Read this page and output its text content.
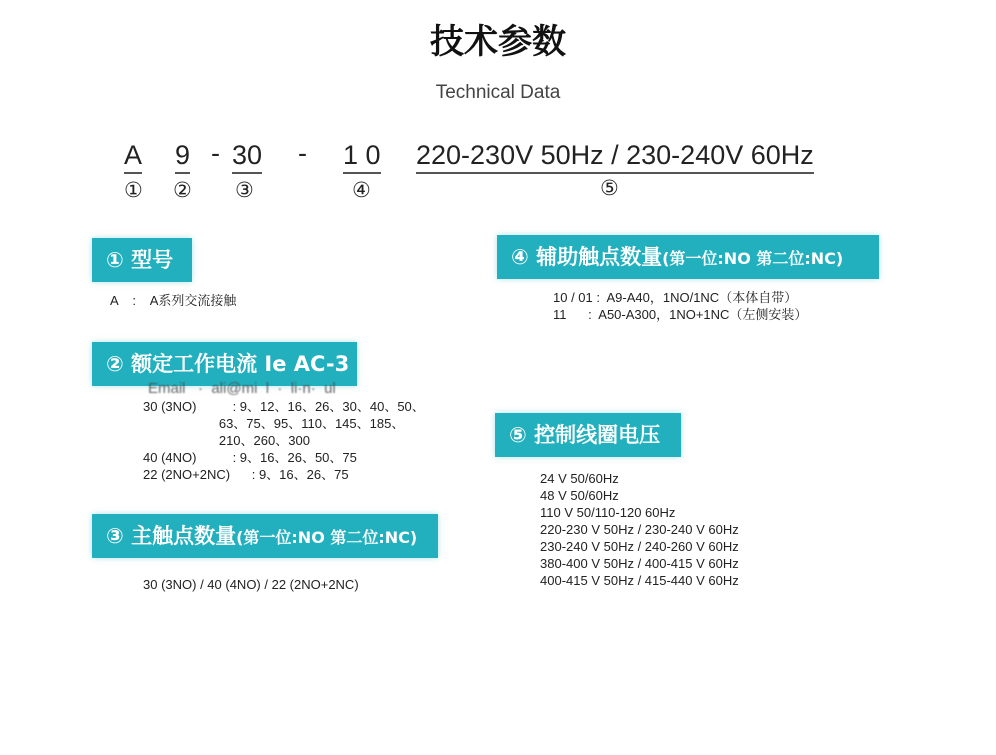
技术参数
Technical Data
A 9 - 30 - 1 0 220-230V 50Hz / 230-240V 60Hz
① ② ③	④	⑤
① 型号
A    :    A系列交流接触
② 额定工作电流 Ie AC-3
Email   ·  ali@mi  l  ·  li·n·  ul
30 (3NO)          : 9、12、16、26、30、40、50、
63、75、95、110、145、185、
210、260、300
40 (4NO)          : 9、16、26、50、75
22 (2NO+2NC)      : 9、16、26、75
③ 主触点数量(第一位:NO 第二位:NC)
30 (3NO) / 40 (4NO) / 22 (2NO+2NC)
④ 辅助触点数量(第一位:NO 第二位:NC)
10 / 01 :  A9-A40，1NO/1NC（本体自带）
11      :  A50-A300，1NO+1NC（左侧安装）
⑤ 控制线圈电压
24 V 50/60Hz
48 V 50/60Hz
110 V 50/110-120 60Hz
220-230 V 50Hz / 230-240 V 60Hz
230-240 V 50Hz / 240-260 V 60Hz
380-400 V 50Hz / 400-415 V 60Hz
400-415 V 50Hz / 415-440 V 60Hz
